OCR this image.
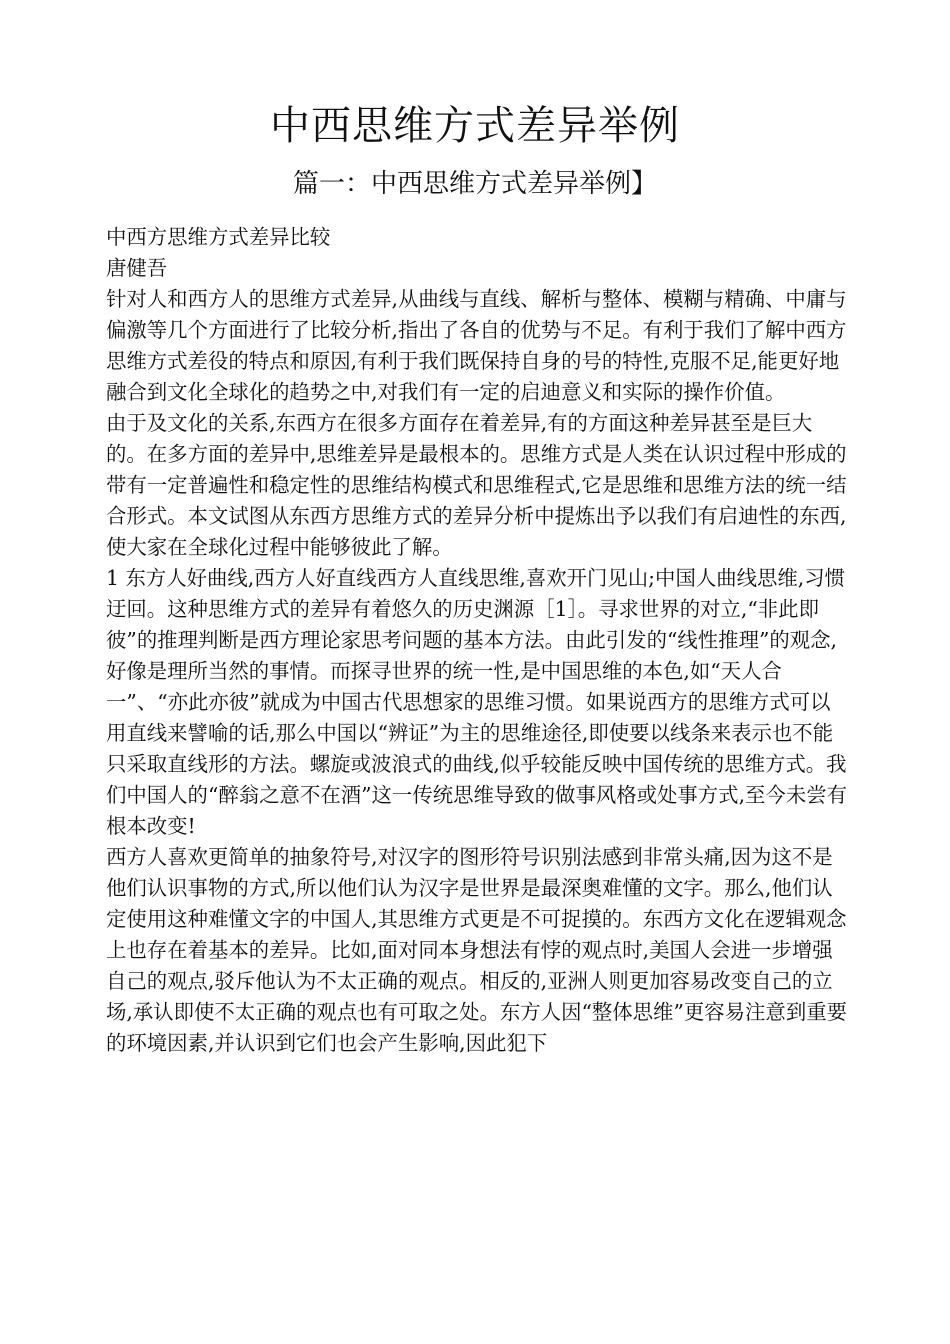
中西思维方式差异举例
篇一：中西思维方式差异举例】

中西方思维方式差异比较

唐健吾

针对人和西方人的思维方式差异,从曲线与直线、解析与整体、模糊与精确、中庸与偏激等几个方面进行了比较分析,指出了各自的优势与不足。有利于我们了解中西方思维方式差役的特点和原因,有利于我们既保持自身的号的特性,克服不足,能更好地融合到文化全球化的趋势之中,对我们有一定的启迪意义和实际的操作价值。

由于及文化的关系,东西方在很多方面存在着差异,有的方面这种差异甚至是巨大的。在多方面的差异中,思维差异是最根本的。思维方式是人类在认识过程中形成的带有一定普遍性和稳定性的思维结构模式和思维程式,它是思维和思维方法的统一结合形式。本文试图从东西方思维方式的差异分析中提炼出予以我们有启迪性的东西,使大家在全球化过程中能够彼此了解。

1 东方人好曲线,西方人好直线西方人直线思维,喜欢开门见山;中国人曲线思维,习惯迂回。这种思维方式的差异有着悠久的历史渊源［1］。寻求世界的对立,“非此即彼”的推理判断是西方理论家思考问题的基本方法。由此引发的“线性推理”的观念,好像是理所当然的事情。而探寻世界的统一性,是中国思维的本色,如“天人合一”、“亦此亦彼”就成为中国古代思想家的思维习惯。如果说西方的思维方式可以用直线来譬喻的话,那么中国以“辨证”为主的思维途径,即使要以线条来表示也不能只采取直线形的方法。螺旋或波浪式的曲线,似乎较能反映中国传统的思维方式。我们中国人的“醉翁之意不在酒”这一传统思维导致的做事风格或处事方式,至今未尝有根本改变!

西方人喜欢更简单的抽象符号,对汉字的图形符号识别法感到非常头痛,因为这不是他们认识事物的方式,所以他们认为汉字是世界是最深奥难懂的文字。那么,他们认定使用这种难懂文字的中国人,其思维方式更是不可捉摸的。东西方文化在逻辑观念上也存在着基本的差异。比如,面对同本身想法有悖的观点时,美国人会进一步增强自己的观点,驳斥他认为不太正确的观点。相反的,亚洲人则更加容易改变自己的立场,承认即使不太正确的观点也有可取之处。东方人因“整体思维”更容易注意到重要的环境因素,并认识到它们也会产生影响,因此犯下
